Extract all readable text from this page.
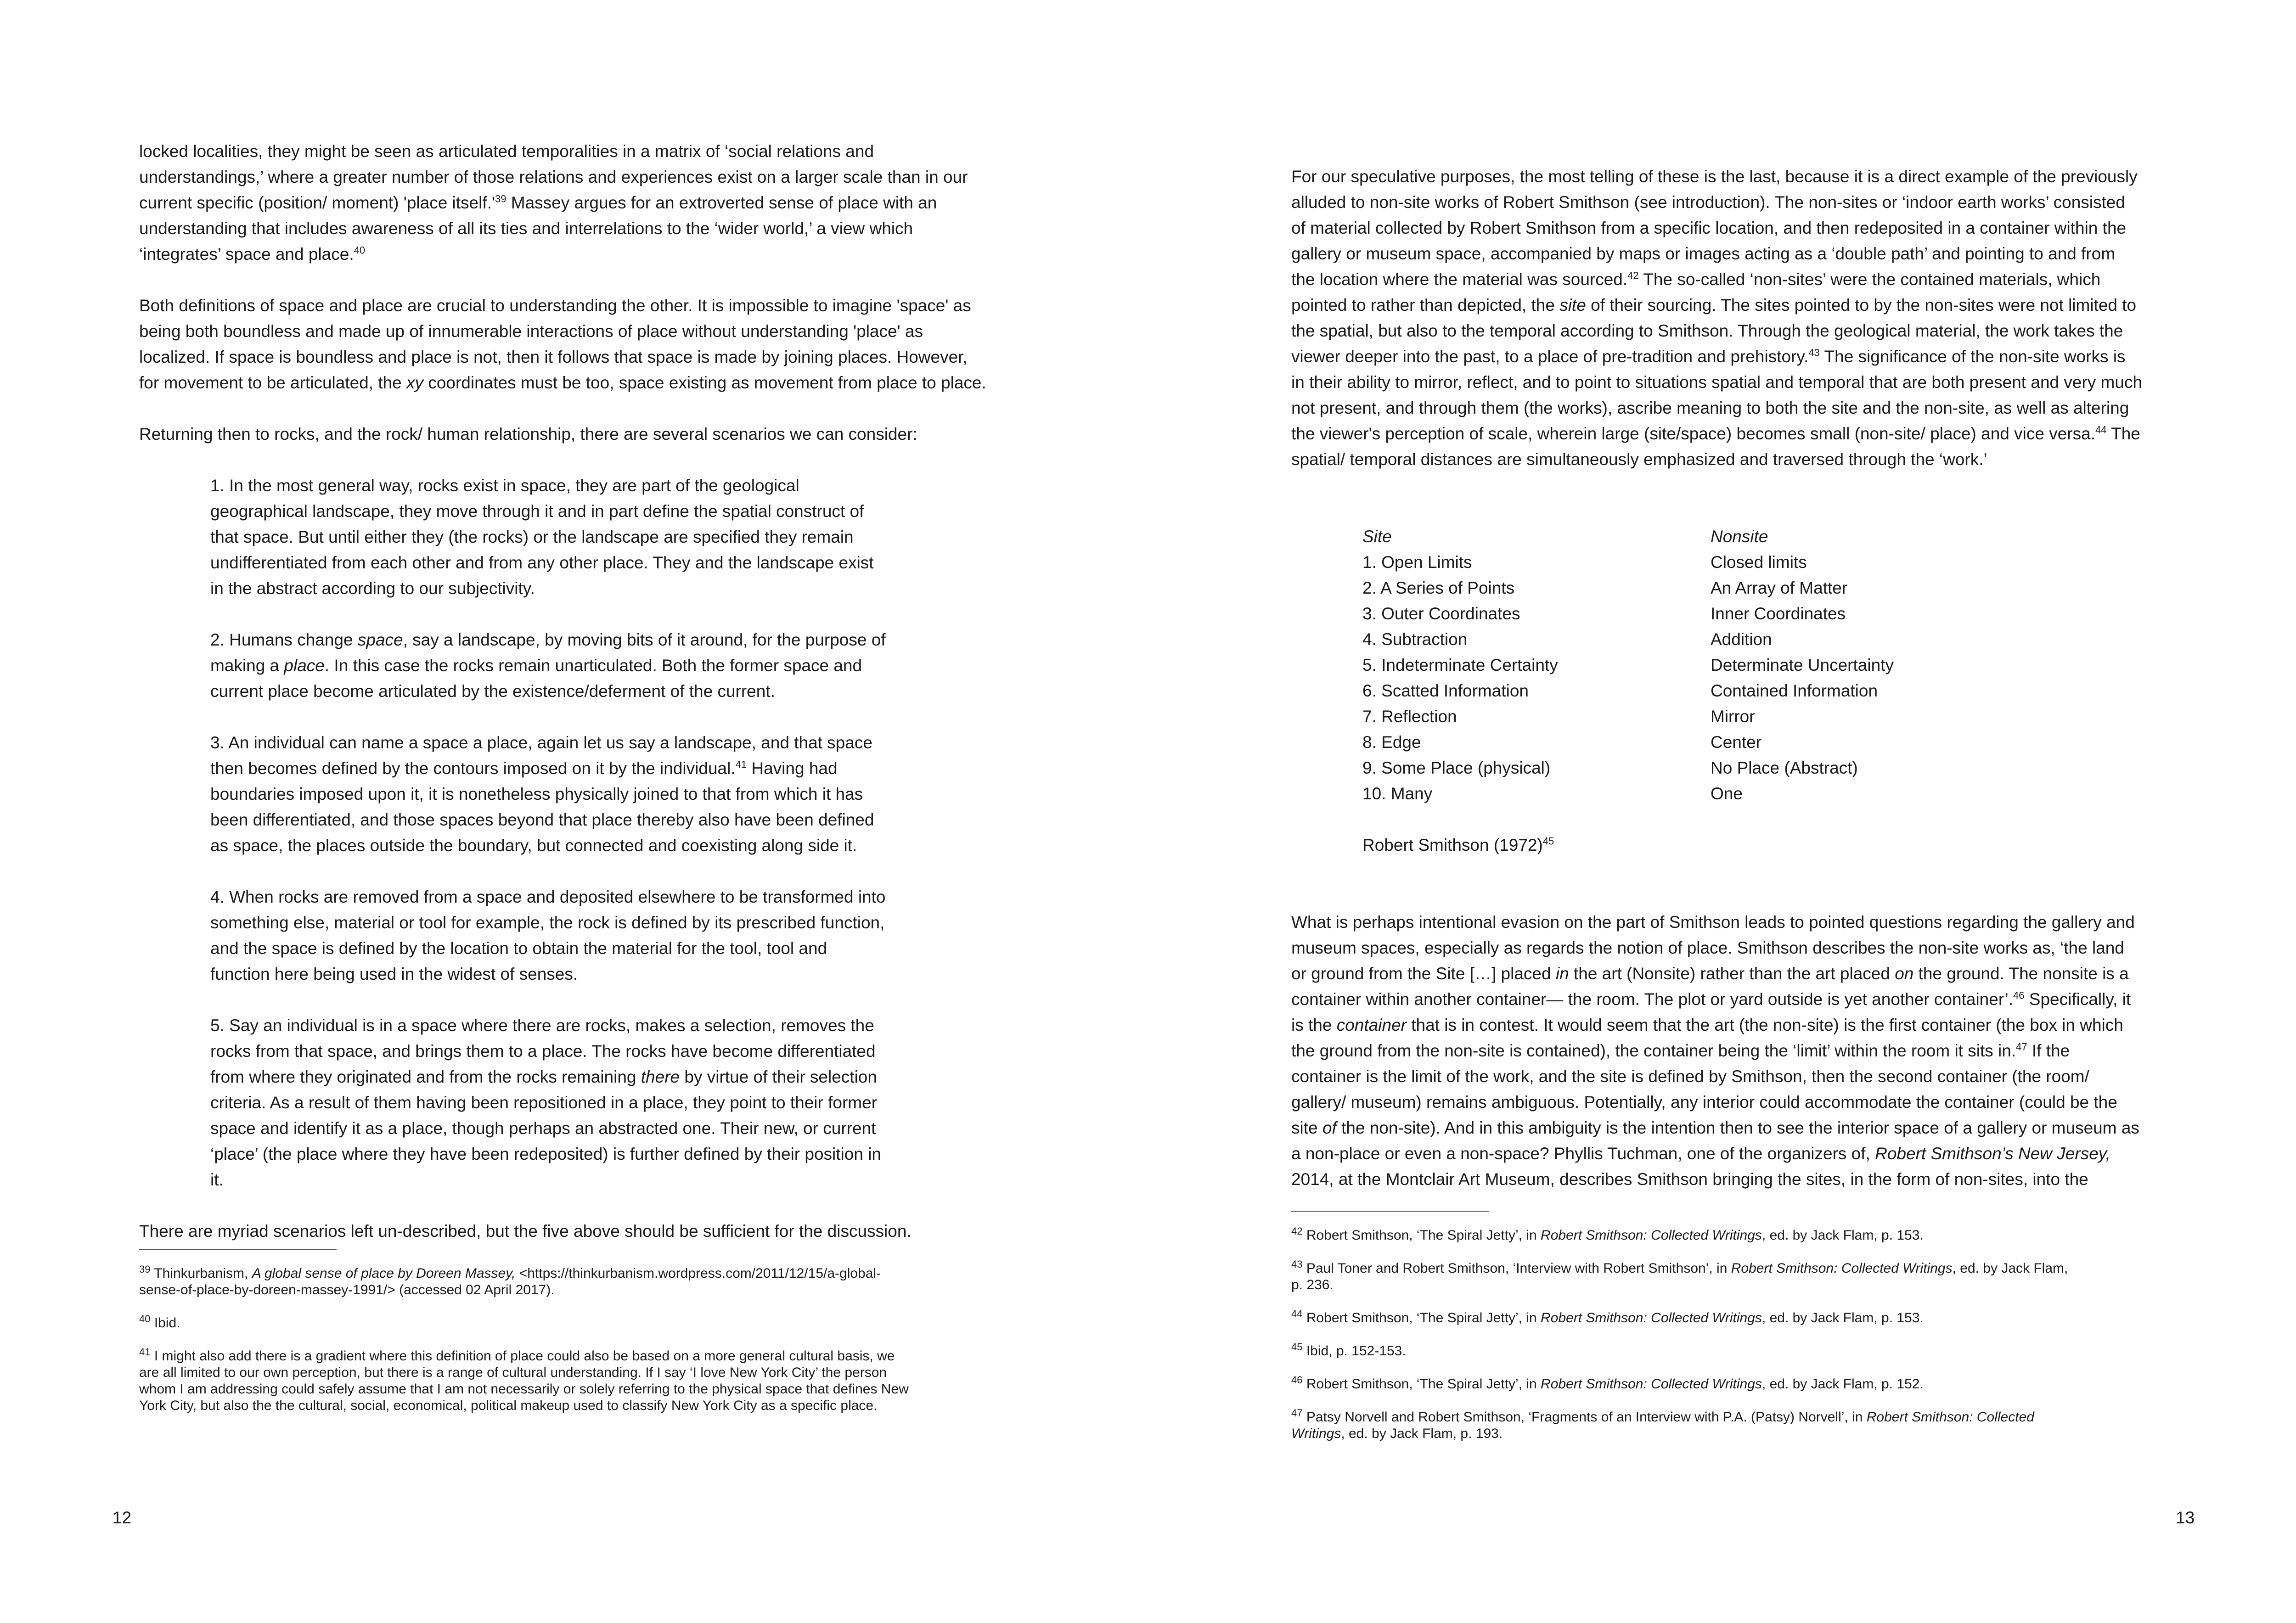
locked localities, they might be seen as articulated temporalities in a matrix of ‘social relations and

understandings,’ where a greater number of those relations and experiences exist on a larger scale than in our

current specific (position/ moment) 'place $itself.'^{39}$ Massey argues for an extroverted sense of place with an

understanding that includes awareness of all its ties and interrelations to the ‘wider world,’ a view which

‘integrates’ space and place.$^{40}$

Both definitions of space and place are crucial to understanding the other. It is impossible to imagine 'space' as

being both boundless and made up of innumerable interactions of place without understanding 'place' as

localized. If space is boundless and place is not, then it follows that space is made by joining places. However,

for movement to be articulated, the xy coordinates must be too, space existing as movement from place to place.

Returning then to rocks, and the rock/ human relationship, there are several scenarios we can consider:

1. In the most general way, rocks exist in space, they are part of the geological

geographical landscape, they move through it and in part define the spatial construct of

that space. But until either they (the rocks) or the landscape are specified they remain

undifferentiated from each other and from any other place. They and the landscape exist

in the abstract according to our subjectivity.

2. Humans change space, say a landscape, by moving bits of it around, for the purpose of

making a place. In this case the rocks remain unarticulated. Both the former space and

current place become articulated by the existence/deferment of the current.

3. An individual can name a space a place, again let us say a landscape, and that space

then becomes defined by the contours imposed on it by the individual.$^{41}$ Having had

boundaries imposed upon it, it is nonetheless physically joined to that from which it has

been differentiated, and those spaces beyond that place thereby also have been defined

as space, the places outside the boundary, but connected and coexisting along side it.

4. When rocks are removed from a space and deposited elsewhere to be transformed into

something else, material or tool for example, the rock is defined by its prescribed function,

and the space is defined by the location to obtain the material for the tool, tool and

function here being used in the widest of senses.

5. Say an individual is in a space where there are rocks, makes a selection, removes the

rocks from that space, and brings them to a place. The rocks have become differentiated

from where they originated and from the rocks remaining there by virtue of their selection

criteria. As a result of them having been repositioned in a place, they point to their former

space and identify it as a place, though perhaps an abstracted one. Their new, or current

‘place’ (the place where they have been redeposited) is further defined by their position in

it.

There are myriad scenarios left un-described, but the five above should be sufficient for the discussion.

$^{39}$ Thinkurbanism, A global sense of place by Doreen Massey, <https://thinkurbanism.wordpress.com/2011/12/15/a-global-

sense-of-place-by-doreen-massey-1991/> (accessed 02 April 2017).

$^{40}$ Ibid.

$^{41}$ I might also add there is a gradient where this definition of place could also be based on a more general cultural basis, we

are all limited to our own perception, but there is a range of cultural understanding. If I say ‘I love New York City’ the person

whom I am addressing could safely assume that I am not necessarily or solely referring to the physical space that defines New

York City, but also the the cultural, social, economical, political makeup used to classify New York City as a specific place.

12

For our speculative purposes, the most telling of these is the last, because it is a direct example of the previously

alluded to non-site works of Robert Smithson (see introduction). The non-sites or ‘indoor earth works’ consisted

of material collected by Robert Smithson from a specific location, and then redeposited in a container within the

gallery or museum space, accompanied by maps or images acting as a ‘double path’ and pointing to and from

the location where the material was sourced.$^{42}$ The so-called ‘non-sites’ were the contained materials, which

pointed to rather than depicted, the site of their sourcing. The sites pointed to by the non-sites were not limited to

the spatial, but also to the temporal according to Smithson. Through the geological material, the work takes the

viewer deeper into the past, to a place of pre-tradition and prehistory.$^{43}$ The significance of the non-site works is

in their ability to mirror, reflect, and to point to situations spatial and temporal that are both present and very much

not present, and through them (the works), ascribe meaning to both the site and the non-site, as well as altering

the viewer's perception of scale, wherein large (site/space) becomes small (non-site/ place) and vice versa.$^{44}$ The

spatial/ temporal distances are simultaneously emphasized and traversed through the ‘work.’

Site	Nonsite
1. Open Limits	Closed limits
2. A Series of Points	An Array of Matter
3. Outer Coordinates	Inner Coordinates
4. Subtraction	Addition
5. Indeterminate Certainty	Determinate Uncertainty
6. Scatted Information	Contained Information
7. Reflection	Mirror
8. Edge	Center
9. Some Place (physical)	No Place (Abstract)
10. Many	One
Robert Smithson $(1972)^{45}$

What is perhaps intentional evasion on the part of Smithson leads to pointed questions regarding the gallery and

museum spaces, especially as regards the notion of place. Smithson describes the non-site works as, ‘the land

or ground from the Site […] placed in the art (Nonsite) rather than the art placed on the ground. The nonsite is a

container within another container— the room. The plot or yard outside is yet another container’.$^{46}$ Specifically, it

is the container that is in contest. It would seem that the art (the non-site) is the first container (the box in which

the ground from the non-site is contained), the container being the ‘limit’ within the room it sits in.$^{47}$ If the

container is the limit of the work, and the site is defined by Smithson, then the second container (the room/

gallery/ museum) remains ambiguous. Potentially, any interior could accommodate the container (could be the

site of the non-site). And in this ambiguity is the intention then to see the interior space of a gallery or museum as

a non-place or even a non-space? Phyllis Tuchman, one of the organizers of, Robert Smithson’s New Jersey,

2014, at the Montclair Art Museum, describes Smithson bringing the sites, in the form of non-sites, into the

$^{42}$ Robert Smithson, ‘The Spiral Jetty’, in Robert Smithson: Collected Writings, ed. by Jack Flam, p. 153.

$^{43}$ Paul Toner and Robert Smithson, ‘Interview with Robert Smithson’, in Robert Smithson: Collected Writings, ed. by Jack Flam,

p. 236.

$^{44}$ Robert Smithson, ‘The Spiral Jetty’, in Robert Smithson: Collected Writings, ed. by Jack Flam, p. 153.

$^{45}$ Ibid, p. 152-153.

$^{46}$ Robert Smithson, ‘The Spiral Jetty’, in Robert Smithson: Collected Writings, ed. by Jack Flam, p. 152.

$^{47}$ Patsy Norvell and Robert Smithson, ‘Fragments of an Interview with P.A. (Patsy) Norvell’, in Robert Smithson: Collected

Writings, ed. by Jack Flam, p. 193.

13
